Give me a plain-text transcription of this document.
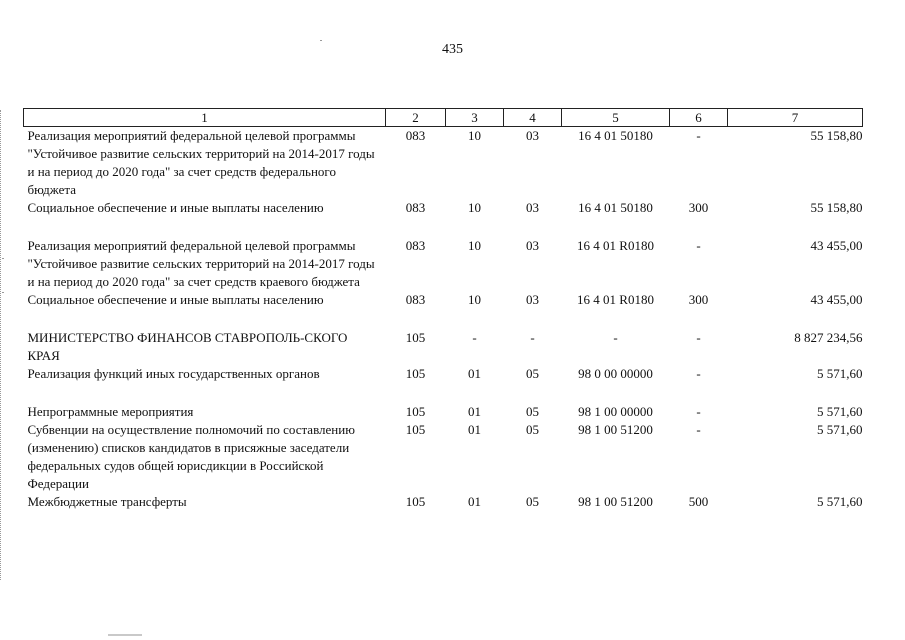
435
1	2	3	4	5	6	7
Реализация мероприятий федеральной целевой программы "Устойчивое развитие сельских территорий на 2014-2017 годы и на период до 2020 года" за счет средств федерального бюджета	083	10	03	16 4 01 50180	-	55 158,80
Социальное обеспечение и иные выплаты населению	083	10	03	16 4 01 50180	300	55 158,80

Реализация мероприятий федеральной целевой программы "Устойчивое развитие сельских территорий на 2014-2017 годы и на период до 2020 года" за счет средств краевого бюджета	083	10	03	16 4 01 R0180	-	43 455,00
Социальное обеспечение и иные выплаты населению	083	10	03	16 4 01 R0180	300	43 455,00

МИНИСТЕРСТВО ФИНАНСОВ СТАВРОПОЛЬ-СКОГО КРАЯ	105	-	-	-	-	8 827 234,56
Реализация функций иных государственных органов	105	01	05	98 0 00 00000	-	5 571,60

Непрограммные мероприятия	105	01	05	98 1 00 00000	-	5 571,60
Субвенции на осуществление полномочий по составлению (изменению) списков кандидатов в присяжные заседатели федеральных судов общей юрисдикции в Российской Федерации	105	01	05	98 1 00 51200	-	5 571,60
Межбюджетные трансферты	105	01	05	98 1 00 51200	500	5 571,60
